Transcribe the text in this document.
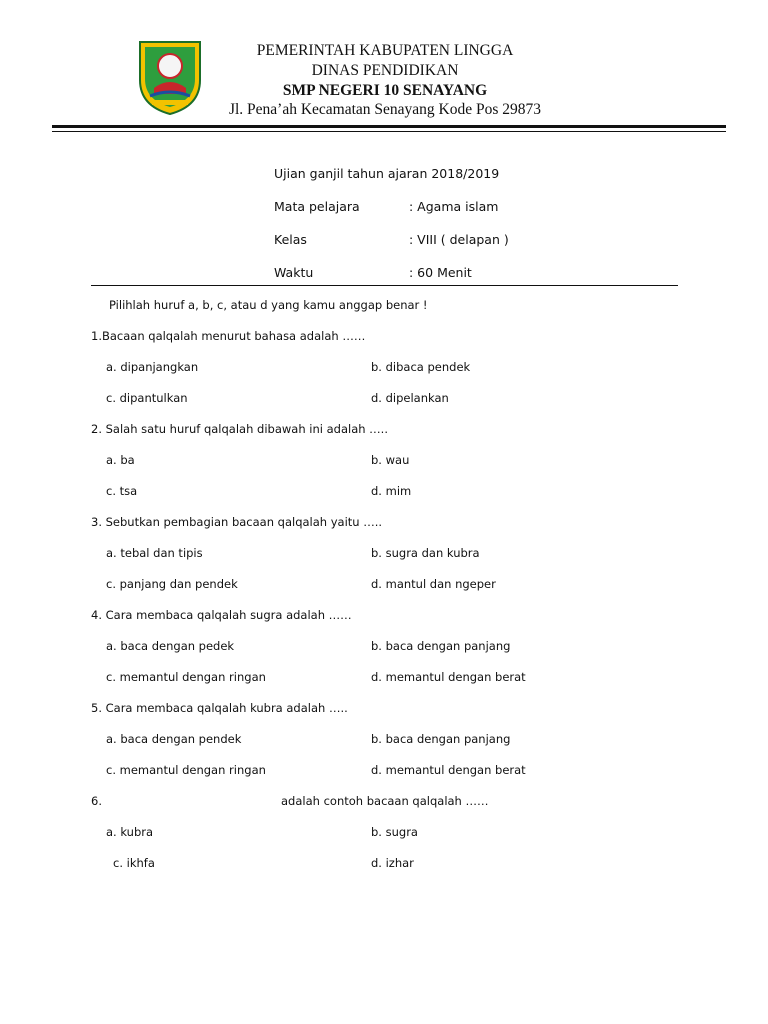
PEMERINTAH KABUPATEN LINGGA
DINAS PENDIDIKAN
SMP NEGERI 10 SENAYANG
Jl. Pena’ah Kecamatan Senayang Kode Pos 29873
Ujian ganjil tahun ajaran 2018/2019
Mata pelajara	: Agama islam
Kelas	: VIII ( delapan )
Waktu	: 60 Menit
Pilihlah huruf a, b, c, atau d yang kamu anggap benar !
1.Bacaan qalqalah menurut bahasa adalah ……
a. dipanjangkan	b. dibaca pendek
c. dipantulkan	d. dipelankan
2. Salah satu huruf qalqalah dibawah ini adalah …..
a. ba	b. wau
c. tsa	d. mim
3. Sebutkan pembagian bacaan qalqalah yaitu …..
a. tebal dan tipis	b. sugra dan kubra
c. panjang dan pendek	d. mantul dan ngeper
4. Cara membaca qalqalah sugra adalah ……
a. baca dengan pedek	b. baca dengan panjang
c. memantul dengan ringan	d. memantul dengan berat
5. Cara membaca qalqalah kubra adalah …..
a. baca dengan pendek	b. baca dengan panjang
c. memantul dengan ringan	d. memantul dengan berat
6.	adalah contoh bacaan qalqalah ……
a. kubra	b. sugra
c. ikhfa	d. izhar
